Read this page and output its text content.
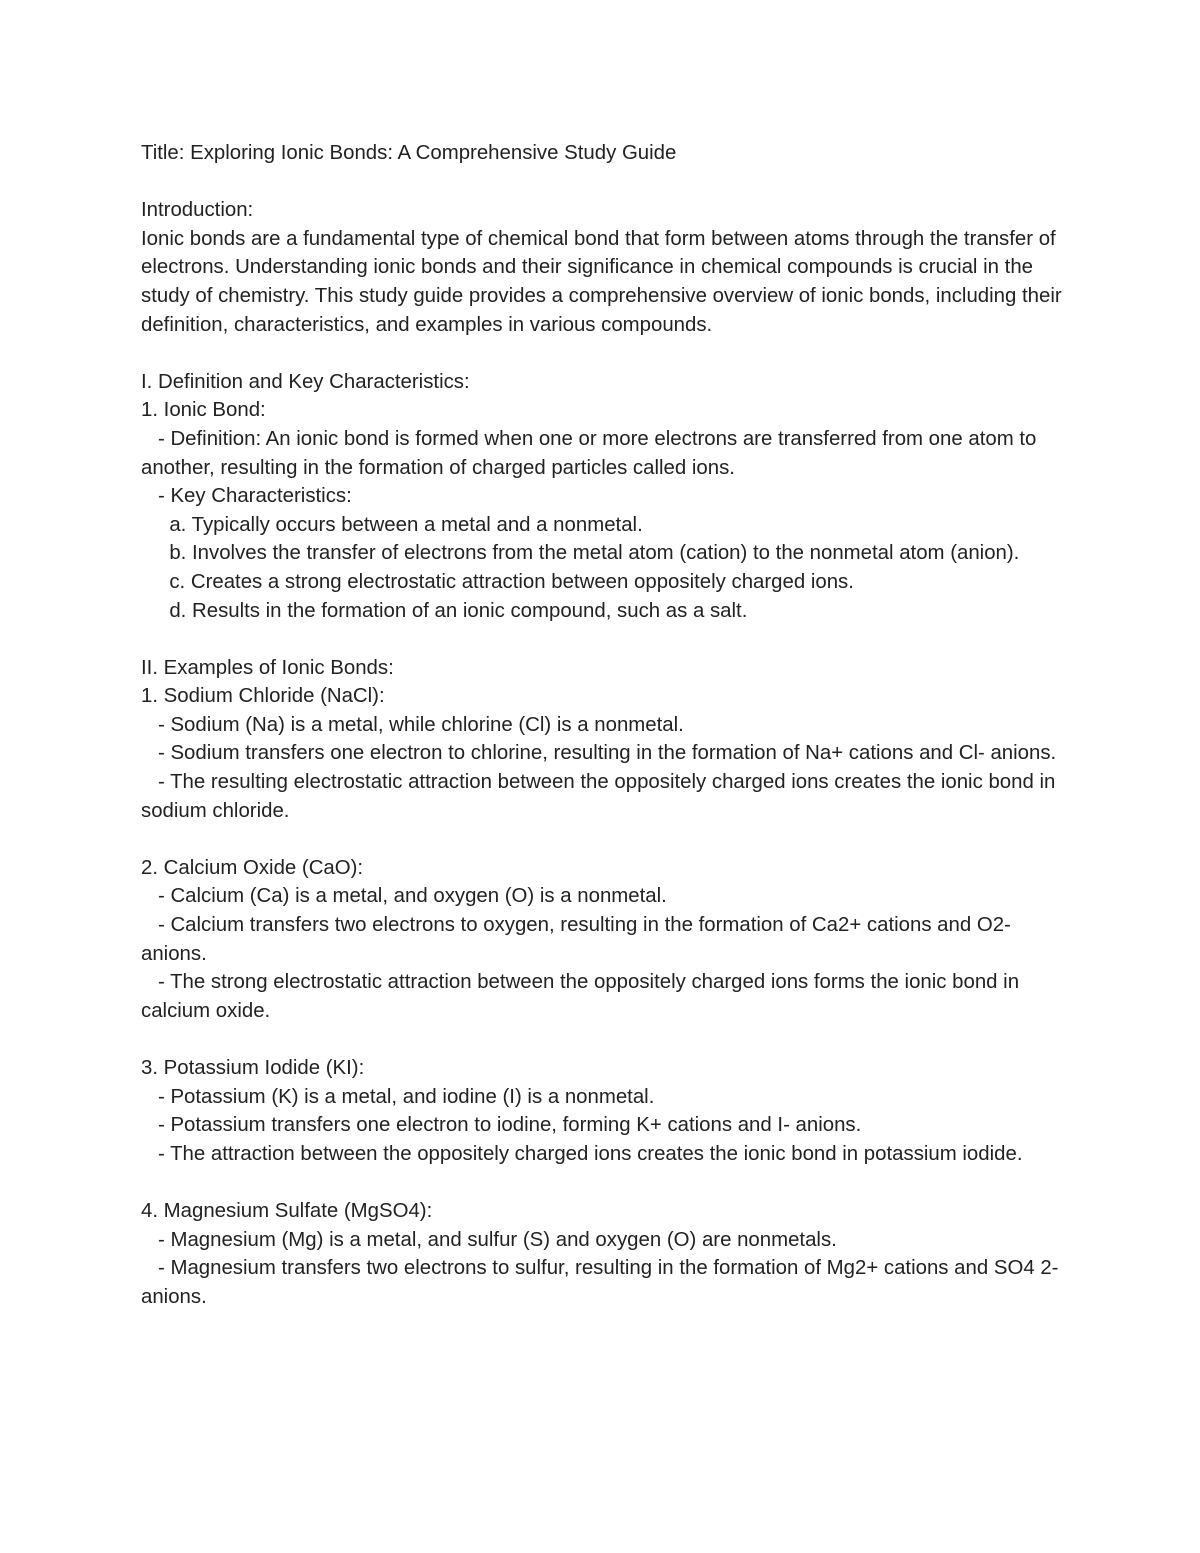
Title: Exploring Ionic Bonds: A Comprehensive Study Guide

Introduction:

Ionic bonds are a fundamental type of chemical bond that form between atoms through the transfer of electrons. Understanding ionic bonds and their significance in chemical compounds is crucial in the study of chemistry. This study guide provides a comprehensive overview of ionic bonds, including their definition, characteristics, and examples in various compounds.

I. Definition and Key Characteristics:

1. Ionic Bond:

- Definition: An ionic bond is formed when one or more electrons are transferred from one atom to another, resulting in the formation of charged particles called ions.

- Key Characteristics:

a. Typically occurs between a metal and a nonmetal.

b. Involves the transfer of electrons from the metal atom (cation) to the nonmetal atom (anion).

c. Creates a strong electrostatic attraction between oppositely charged ions.

d. Results in the formation of an ionic compound, such as a salt.

II. Examples of Ionic Bonds:

1. Sodium Chloride (NaCl):

- Sodium (Na) is a metal, while chlorine (Cl) is a nonmetal.

- Sodium transfers one electron to chlorine, resulting in the formation of Na+ cations and Cl- anions.

- The resulting electrostatic attraction between the oppositely charged ions creates the ionic bond in sodium chloride.

2. Calcium Oxide (CaO):

- Calcium (Ca) is a metal, and oxygen (O) is a nonmetal.

- Calcium transfers two electrons to oxygen, resulting in the formation of Ca2+ cations and O2- anions.

- The strong electrostatic attraction between the oppositely charged ions forms the ionic bond in calcium oxide.

3. Potassium Iodide (KI):

- Potassium (K) is a metal, and iodine (I) is a nonmetal.

- Potassium transfers one electron to iodine, forming K+ cations and I- anions.

- The attraction between the oppositely charged ions creates the ionic bond in potassium iodide.

4. Magnesium Sulfate (MgSO4):

- Magnesium (Mg) is a metal, and sulfur (S) and oxygen (O) are nonmetals.

- Magnesium transfers two electrons to sulfur, resulting in the formation of Mg2+ cations and SO4 2- anions.
